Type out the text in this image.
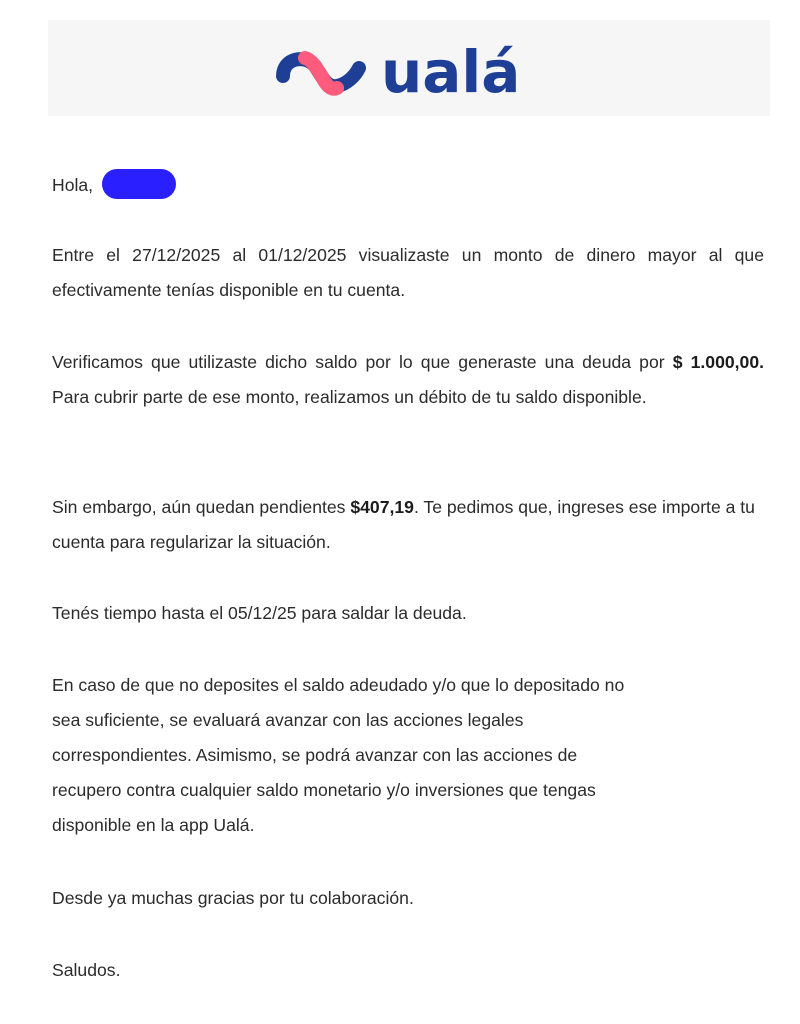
ualá
Hola,

Entre el 27/12/2025 al 01/12/2025 visualizaste un monto de dinero mayor al que efectivamente tenías disponible en tu cuenta.

Verificamos que utilizaste dicho saldo por lo que generaste una deuda por $ 1.000,00. Para cubrir parte de ese monto, realizamos un débito de tu saldo disponible.

Sin embargo, aún quedan pendientes $407,19. Te pedimos que, ingreses ese importe a tu cuenta para regularizar la situación.

Tenés tiempo hasta el 05/12/25 para saldar la deuda.

En caso de que no deposites el saldo adeudado y/o que lo depositado no
sea suficiente, se evaluará avanzar con las acciones legales
correspondientes. Asimismo, se podrá avanzar con las acciones de
recupero contra cualquier saldo monetario y/o inversiones que tengas
disponible en la app Ualá.

Desde ya muchas gracias por tu colaboración.

Saludos.
